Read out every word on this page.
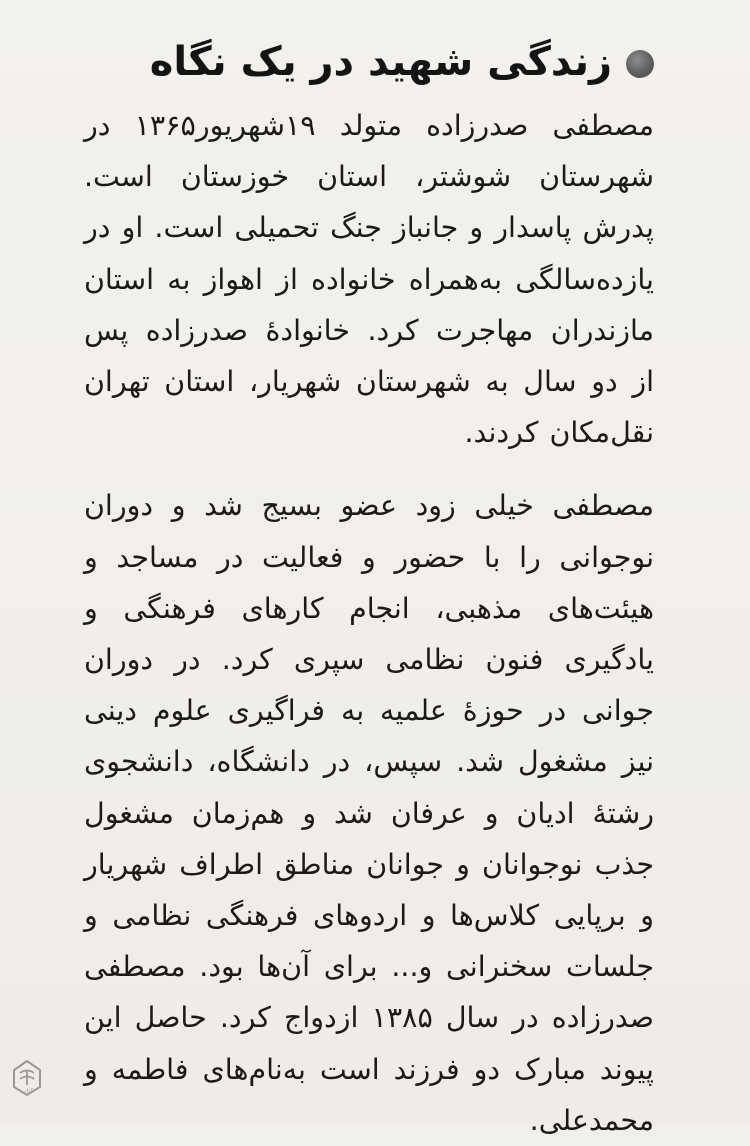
زندگی شهید در یک نگاه

مصطفی صدرزاده متولد ۱۹شهریور۱۳۶۵ در شهرستان شوشتر، استان خوزستان است. پدرش پاسدار و جانباز جنگ تحمیلی است. او در یازده‌سالگی به‌همراه خانواده از اهواز به استان مازندران مهاجرت کرد. خانوادۀ صدرزاده پس از دو سال به شهرستان شهریار، استان تهران نقل‌مکان کردند.

مصطفی خیلی زود عضو بسیج شد و دوران نوجوانی را با حضور و فعالیت در مساجد و هیئت‌های مذهبی، انجام کارهای فرهنگی و یادگیری فنون نظامی سپری کرد. در دوران جوانی در حوزۀ علمیه به فراگیری علوم دینی نیز مشغول شد. سپس، در دانشگاه، دانشجوی رشتۀ ادیان و عرفان شد و هم‌زمان مشغول جذب نوجوانان و جوانان مناطق اطراف شهریار و برپایی کلاس‌ها و اردوهای فرهنگی نظامی و جلسات سخنرانی و... برای آن‌ها بود. مصطفی صدرزاده در سال ۱۳۸۵ ازدواج کرد. حاصل این پیوند مبارک دو فرزند است به‌نام‌های فاطمه و محمدعلی.

کتاب
